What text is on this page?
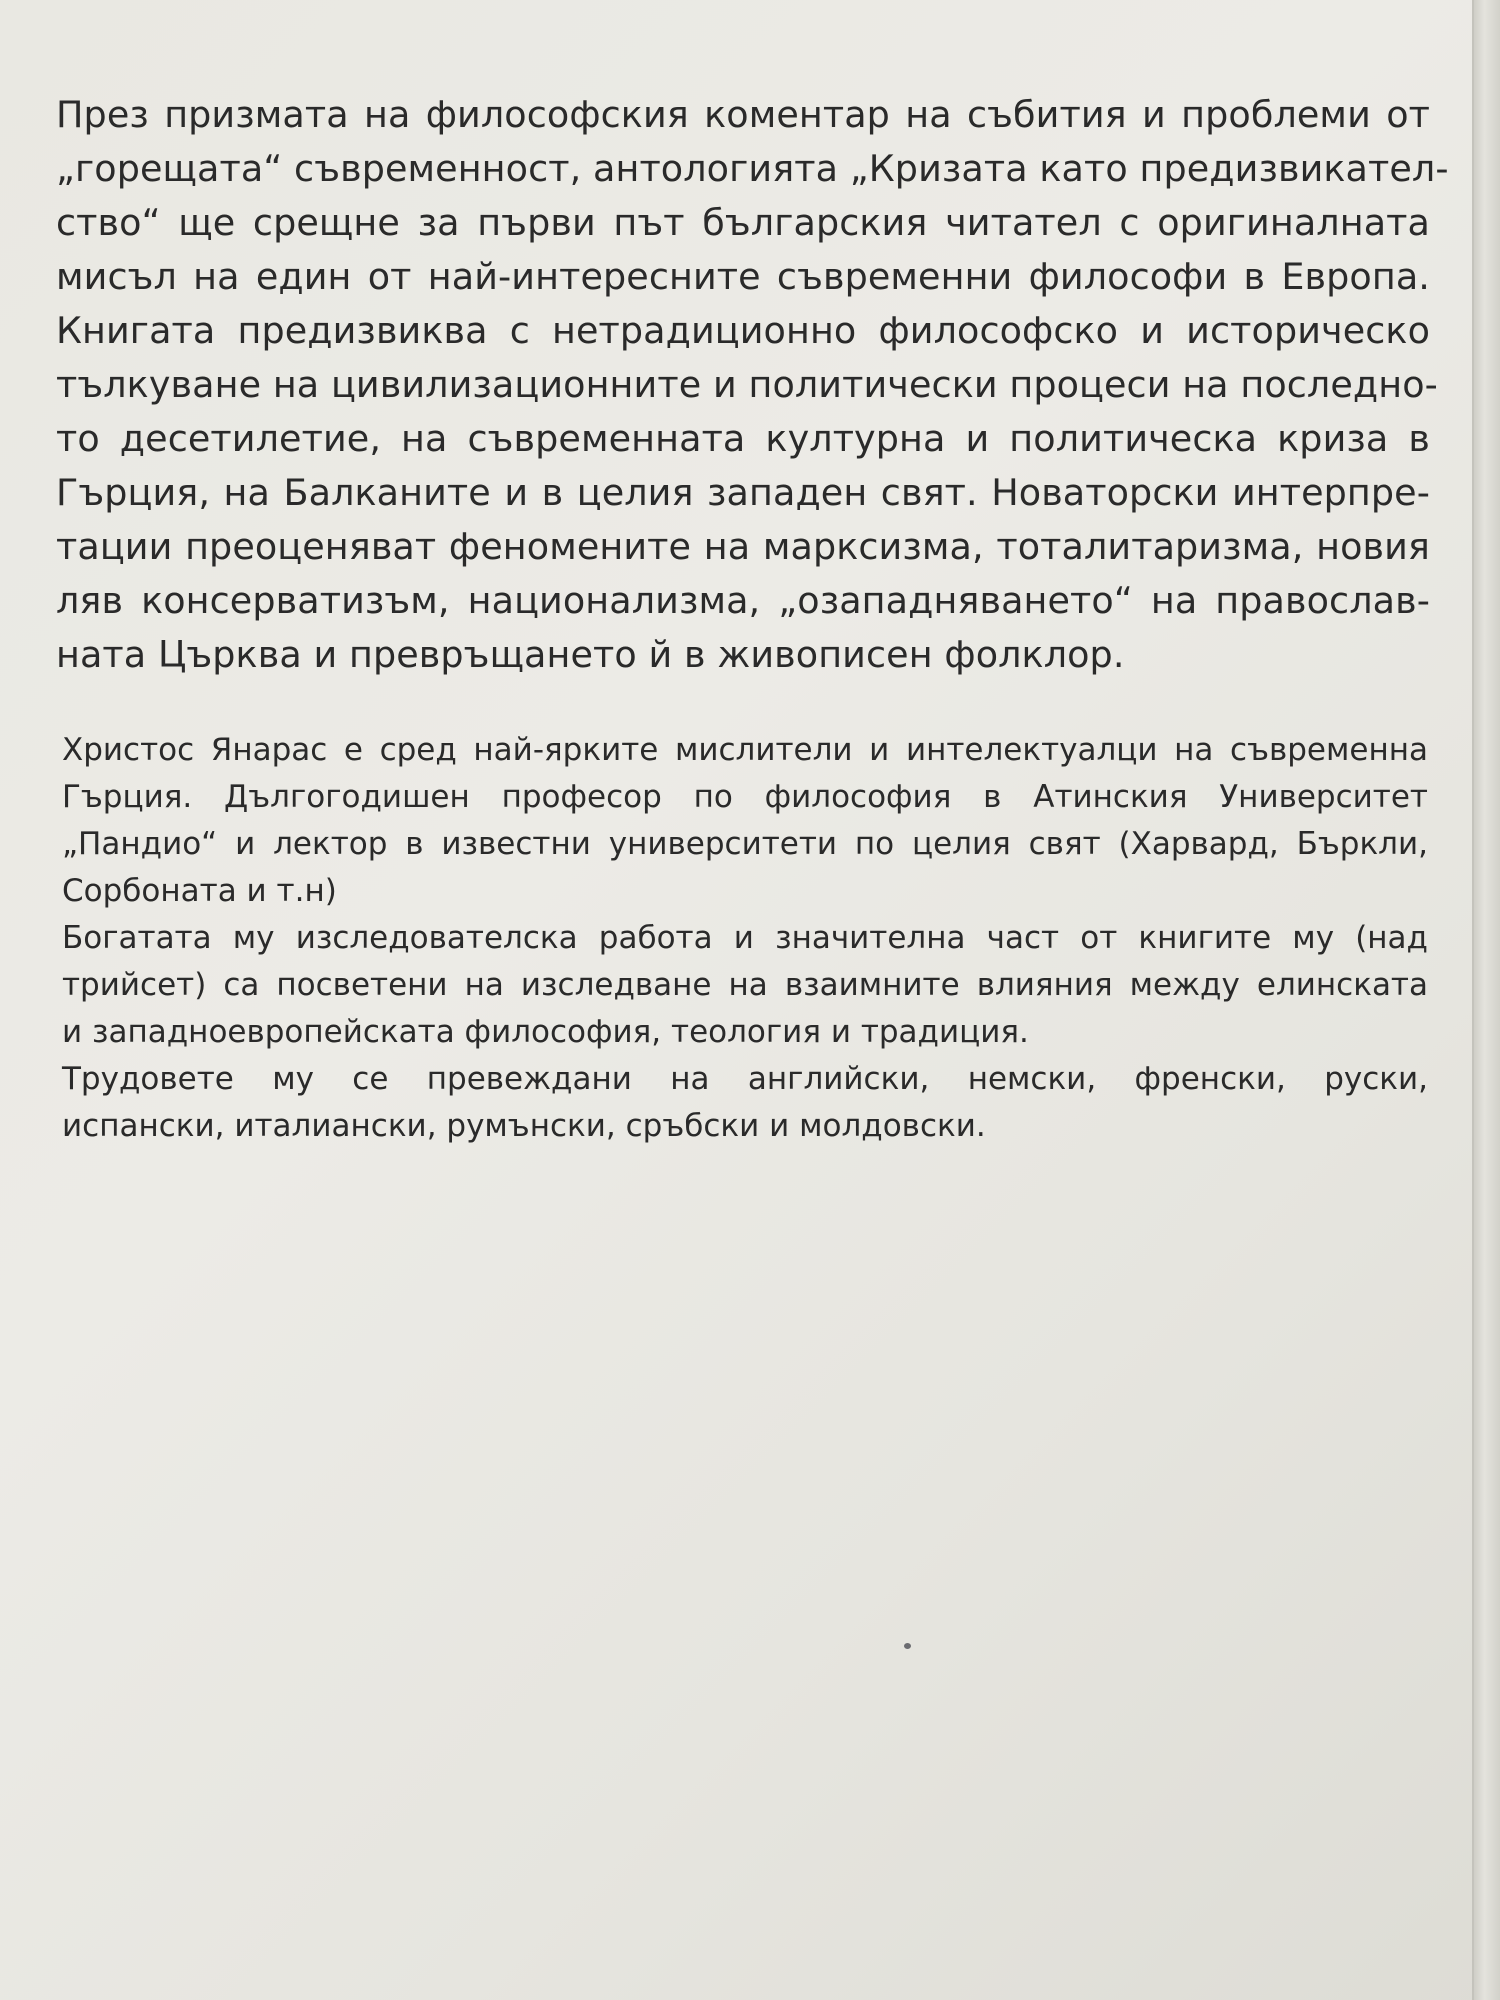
През призмата на философския коментар на събития и проблеми от
„горещата“ съвременност, антологията „Кризата като предизвикател-
ство“ ще срещне за първи път българския читател с оригиналната
мисъл на един от най-интересните съвременни философи в Европа.
Книгата предизвиква с нетрадиционно философско и историческо
тълкуване на цивилизационните и политически процеси на последно-
то десетилетие, на съвременната културна и политическа криза в
Гърция, на Балканите и в целия западен свят. Новаторски интерпре-
тации преоценяват феномените на марксизма, тоталитаризма, новия
ляв консерватизъм, национализма, „озападняването“ на православ-
ната Църква и превръщането й в живописен фолклор.
Христос Янарас е сред най-ярките мислители и интелектуалци на съвременна
Гърция. Дългогодишен професор по философия в Атинския Университет
„Пандио“ и лектор в известни университети по целия свят (Харвард, Бъркли,
Сорбоната и т.н)
Богатата му изследователска работа и значителна част от книгите му (над
трийсет) са посветени на изследване на взаимните влияния между елинската
и западноевропейската философия, теология и традиция.
Трудовете му се превеждани на английски, немски, френски, руски,
испански, италиански, румънски, сръбски и молдовски.
